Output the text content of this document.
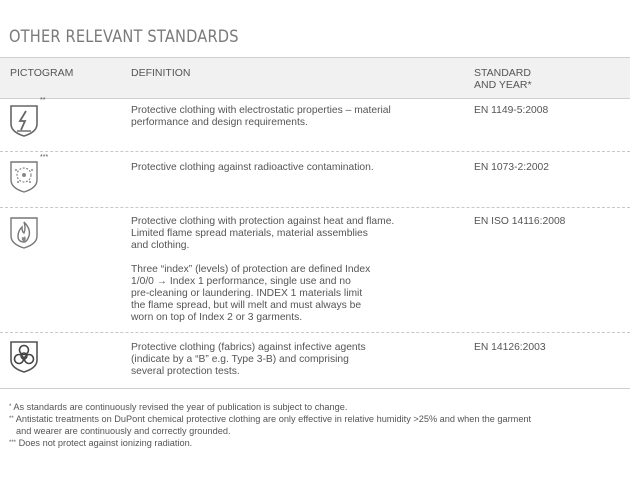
OTHER RELEVANT STANDARDS
PICTOGRAM	DEFINITION	STANDARD
AND YEAR*
**
Protective clothing with electrostatic properties – material
performance and design requirements.
EN 1149-5:2008
***
Protective clothing against radioactive contamination.	EN 1073-2:2002
Protective clothing with protection against heat and flame.
Limited flame spread materials, material assemblies
and clothing.
Three “index” (levels) of protection are defined Index
1/0/0 → Index 1 performance, single use and no
pre-cleaning or laundering. INDEX 1 materials limit
the flame spread, but will melt and must always be
worn on top of Index 2 or 3 garments.
EN ISO 14116:2008
Protective clothing (fabrics) against infective agents
(indicate by a “B” e.g. Type 3-B) and comprising
several protection tests.
EN 14126:2003
* As standards are continuously revised the year of publication is subject to change.
** Antistatic treatments on DuPont chemical protective clothing are only effective in relative humidity >25% and when the garment
and wearer are continuously and correctly grounded.
*** Does not protect against ionizing radiation.
